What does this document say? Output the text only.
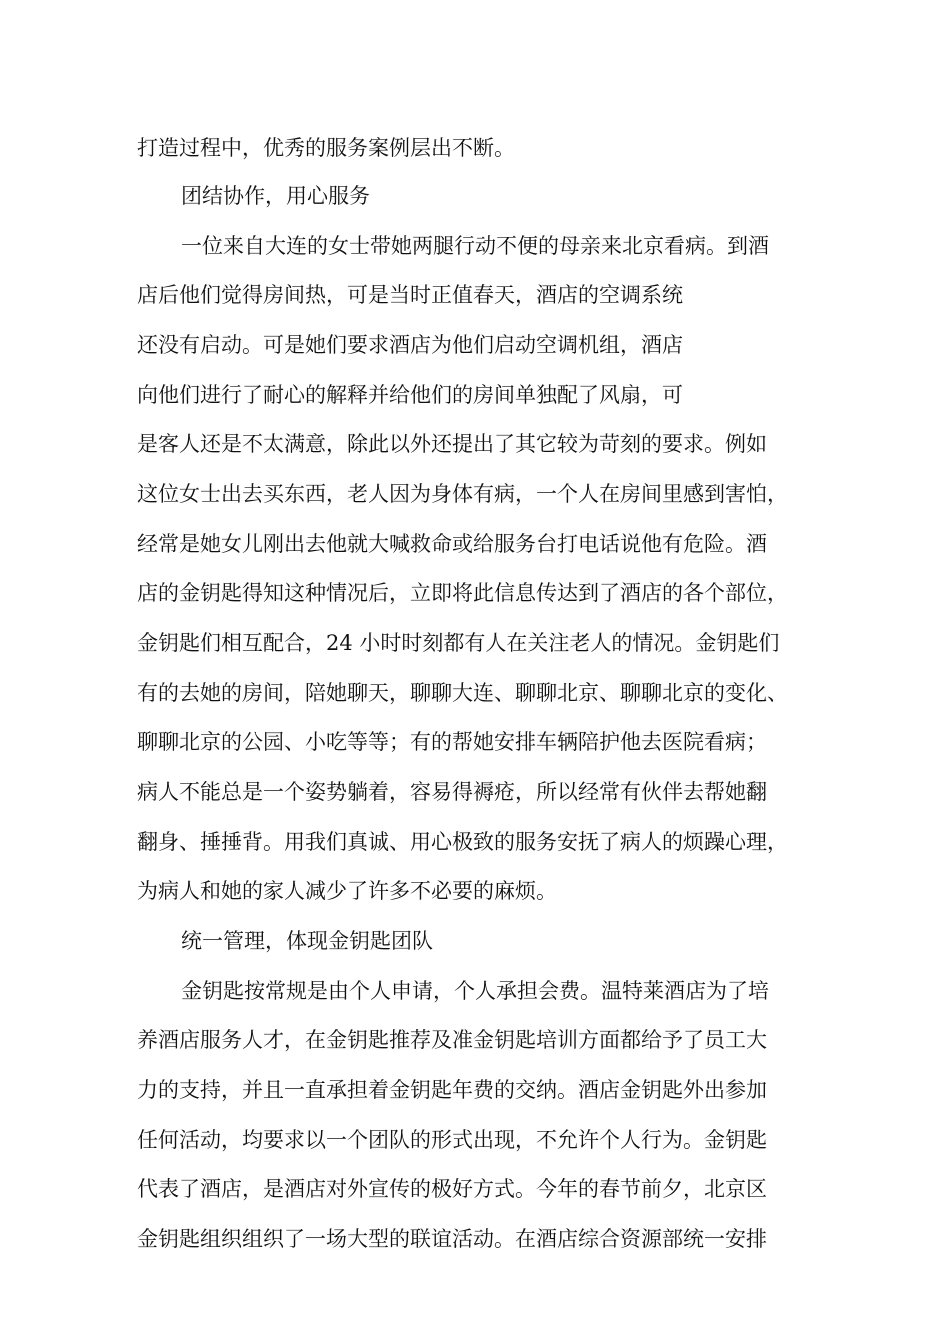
打造过程中，优秀的服务案例层出不断。
团结协作，用心服务
一位来自大连的女士带她两腿行动不便的母亲来北京看病。到酒
店后他们觉得房间热，可是当时正值春天，酒店的空调系统
还没有启动。可是她们要求酒店为他们启动空调机组，酒店
向他们进行了耐心的解释并给他们的房间单独配了风扇，可
是客人还是不太满意，除此以外还提出了其它较为苛刻的要求。例如
这位女士出去买东西，老人因为身体有病，一个人在房间里感到害怕，
经常是她女儿刚出去他就大喊救命或给服务台打电话说他有危险。酒
店的金钥匙得知这种情况后，立即将此信息传达到了酒店的各个部位，
金钥匙们相互配合，24 小时时刻都有人在关注老人的情况。金钥匙们
有的去她的房间，陪她聊天，聊聊大连、聊聊北京、聊聊北京的变化、
聊聊北京的公园、小吃等等；有的帮她安排车辆陪护他去医院看病；
病人不能总是一个姿势躺着，容易得褥疮，所以经常有伙伴去帮她翻
翻身、捶捶背。用我们真诚、用心极致的服务安抚了病人的烦躁心理，
为病人和她的家人减少了许多不必要的麻烦。
统一管理，体现金钥匙团队
金钥匙按常规是由个人申请，个人承担会费。温特莱酒店为了培
养酒店服务人才，在金钥匙推荐及准金钥匙培训方面都给予了员工大
力的支持，并且一直承担着金钥匙年费的交纳。酒店金钥匙外出参加
任何活动，均要求以一个团队的形式出现，不允许个人行为。金钥匙
代表了酒店，是酒店对外宣传的极好方式。今年的春节前夕，北京区
金钥匙组织组织了一场大型的联谊活动。在酒店综合资源部统一安排
